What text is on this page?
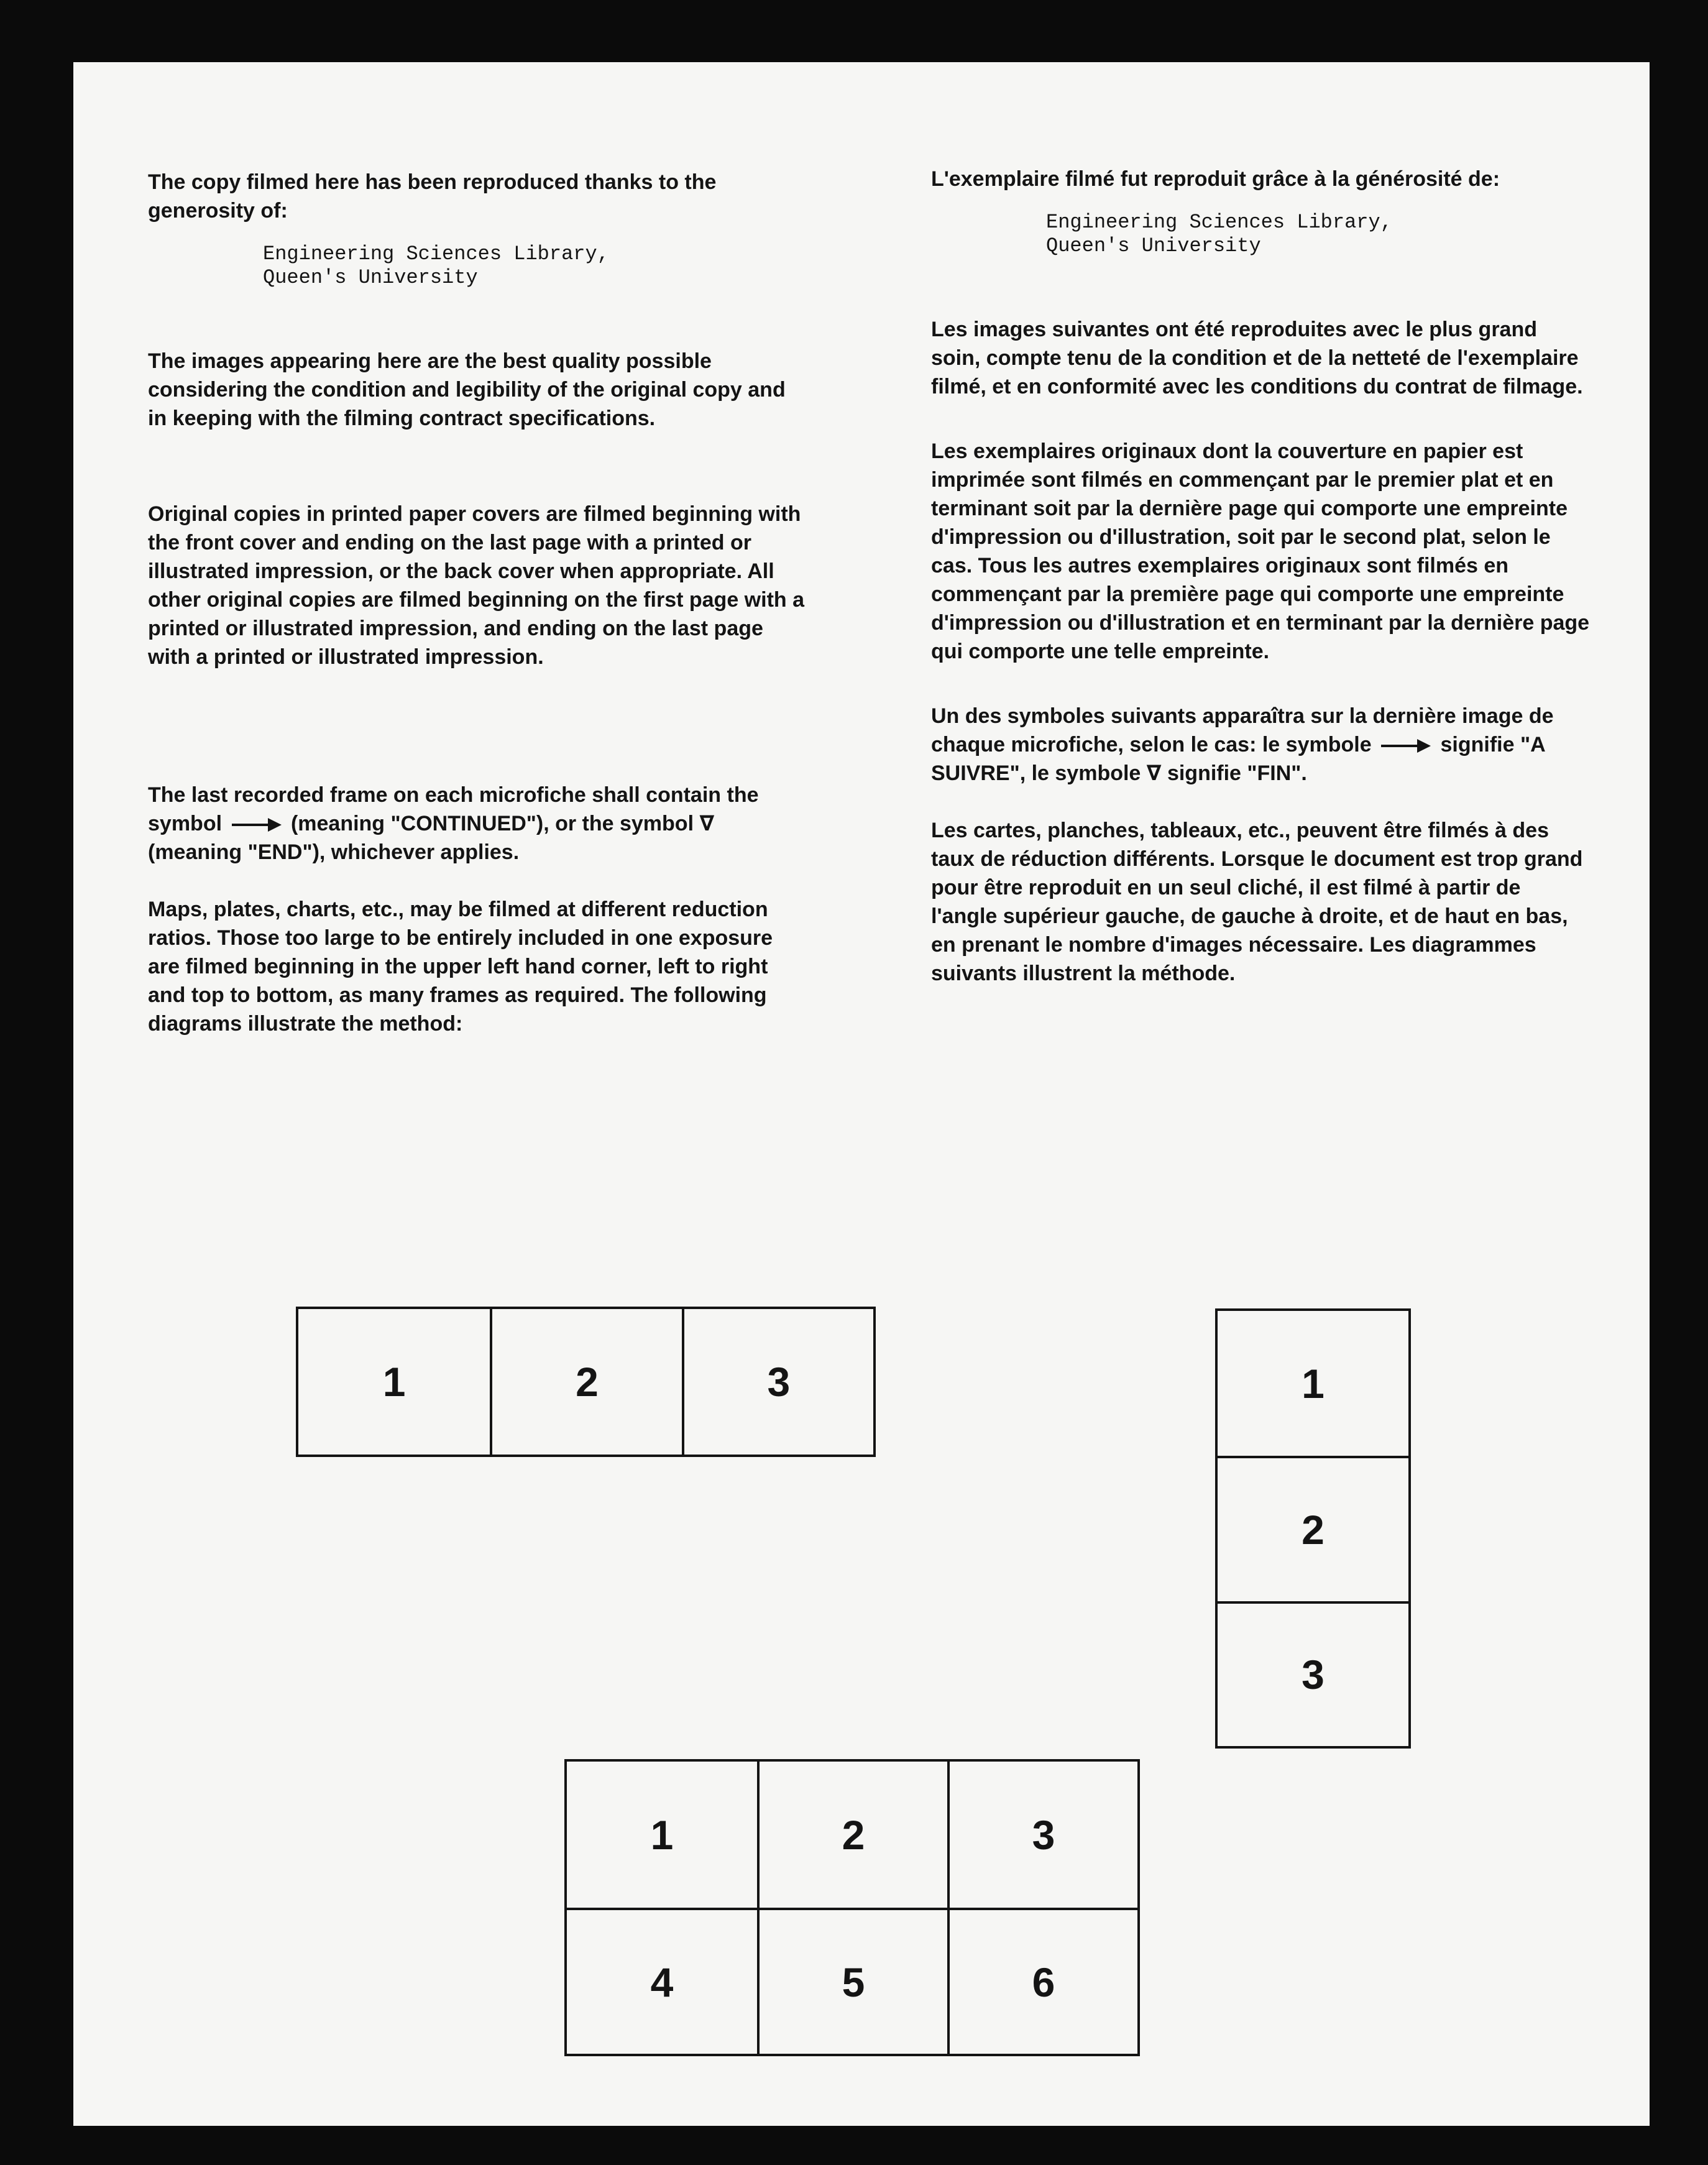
The copy filmed here has been reproduced thanks to the generosity of:

Engineering Sciences Library,
Queen's University

The images appearing here are the best quality possible considering the condition and legibility of the original copy and in keeping with the filming contract specifications.

Original copies in printed paper covers are filmed beginning with the front cover and ending on the last page with a printed or illustrated impression, or the back cover when appropriate. All other original copies are filmed beginning on the first page with a printed or illustrated impression, and ending on the last page with a printed or illustrated impression.

The last recorded frame on each microfiche shall contain the symbol	(meaning "CONTINUED"), or the symbol ∇ (meaning "END"), whichever applies.

Maps, plates, charts, etc., may be filmed at different reduction ratios. Those too large to be entirely included in one exposure are filmed beginning in the upper left hand corner, left to right and top to bottom, as many frames as required. The following diagrams illustrate the method:

L'exemplaire filmé fut reproduit grâce à la générosité de:

Engineering Sciences Library,
Queen's University

Les images suivantes ont été reproduites avec le plus grand soin, compte tenu de la condition et de la netteté de l'exemplaire filmé, et en conformité avec les conditions du contrat de filmage.

Les exemplaires originaux dont la couverture en papier est imprimée sont filmés en commençant par le premier plat et en terminant soit par la dernière page qui comporte une empreinte d'impression ou d'illustration, soit par le second plat, selon le cas. Tous les autres exemplaires originaux sont filmés en commençant par la première page qui comporte une empreinte d'impression ou d'illustration et en terminant par la dernière page qui comporte une telle empreinte.

Un des symboles suivants apparaîtra sur la dernière image de chaque microfiche, selon le cas: le symbole	signifie "A SUIVRE", le symbole ∇ signifie "FIN".

Les cartes, planches, tableaux, etc., peuvent être filmés à des taux de réduction différents. Lorsque le document est trop grand pour être reproduit en un seul cliché, il est filmé à partir de l'angle supérieur gauche, de gauche à droite, et de haut en bas, en prenant le nombre d'images nécessaire. Les diagrammes suivants illustrent la méthode.

1	2	3	1
2
3
1	2	3
4	5	6
